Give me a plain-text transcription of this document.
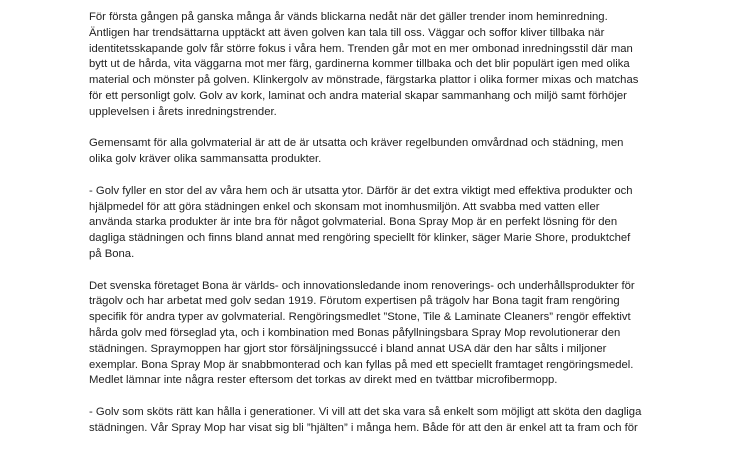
För första gången på ganska många år vänds blickarna nedåt när det gäller trender inom heminredning.
Äntligen har trendsättarna upptäckt att även golven kan tala till oss. Väggar och soffor kliver tillbaka när
identitetsskapande golv får större fokus i våra hem. Trenden går mot en mer ombonad inredningsstil där man
bytt ut de hårda, vita väggarna mot mer färg, gardinerna kommer tillbaka och det blir populärt igen med olika
material och mönster på golven. Klinkergolv av mönstrade, färgstarka plattor i olika former mixas och matchas
för ett personligt golv. Golv av kork, laminat och andra material skapar sammanhang och miljö samt förhöjer
upplevelsen i årets inredningstrender.

Gemensamt för alla golvmaterial är att de är utsatta och kräver regelbunden omvårdnad och städning, men
olika golv kräver olika sammansatta produkter.

- Golv fyller en stor del av våra hem och är utsatta ytor. Därför är det extra viktigt med effektiva produkter och
hjälpmedel för att göra städningen enkel och skonsam mot inomhusmiljön. Att svabba med vatten eller
använda starka produkter är inte bra för något golvmaterial. Bona Spray Mop är en perfekt lösning för den
dagliga städningen och finns bland annat med rengöring speciellt för klinker, säger Marie Shore, produktchef
på Bona.

Det svenska företaget Bona är världs- och innovationsledande inom renoverings- och underhållsprodukter för
trägolv och har arbetat med golv sedan 1919. Förutom expertisen på trägolv har Bona tagit fram rengöring
specifik för andra typer av golvmaterial. Rengöringsmedlet ”Stone, Tile & Laminate Cleaners” rengör effektivt
hårda golv med förseglad yta, och i kombination med Bonas påfyllningsbara Spray Mop revolutionerar den
städningen. Spraymoppen har gjort stor försäljningssuccé i bland annat USA där den har sålts i miljoner
exemplar. Bona Spray Mop är snabbmonterad och kan fyllas på med ett speciellt framtaget rengöringsmedel.
Medlet lämnar inte några rester eftersom det torkas av direkt med en tvättbar microfibermopp.

- Golv som sköts rätt kan hålla i generationer. Vi vill att det ska vara så enkelt som möjligt att sköta den dagliga
städningen. Vår Spray Mop har visat sig bli ”hjälten” i många hem. Både för att den är enkel att ta fram och för
